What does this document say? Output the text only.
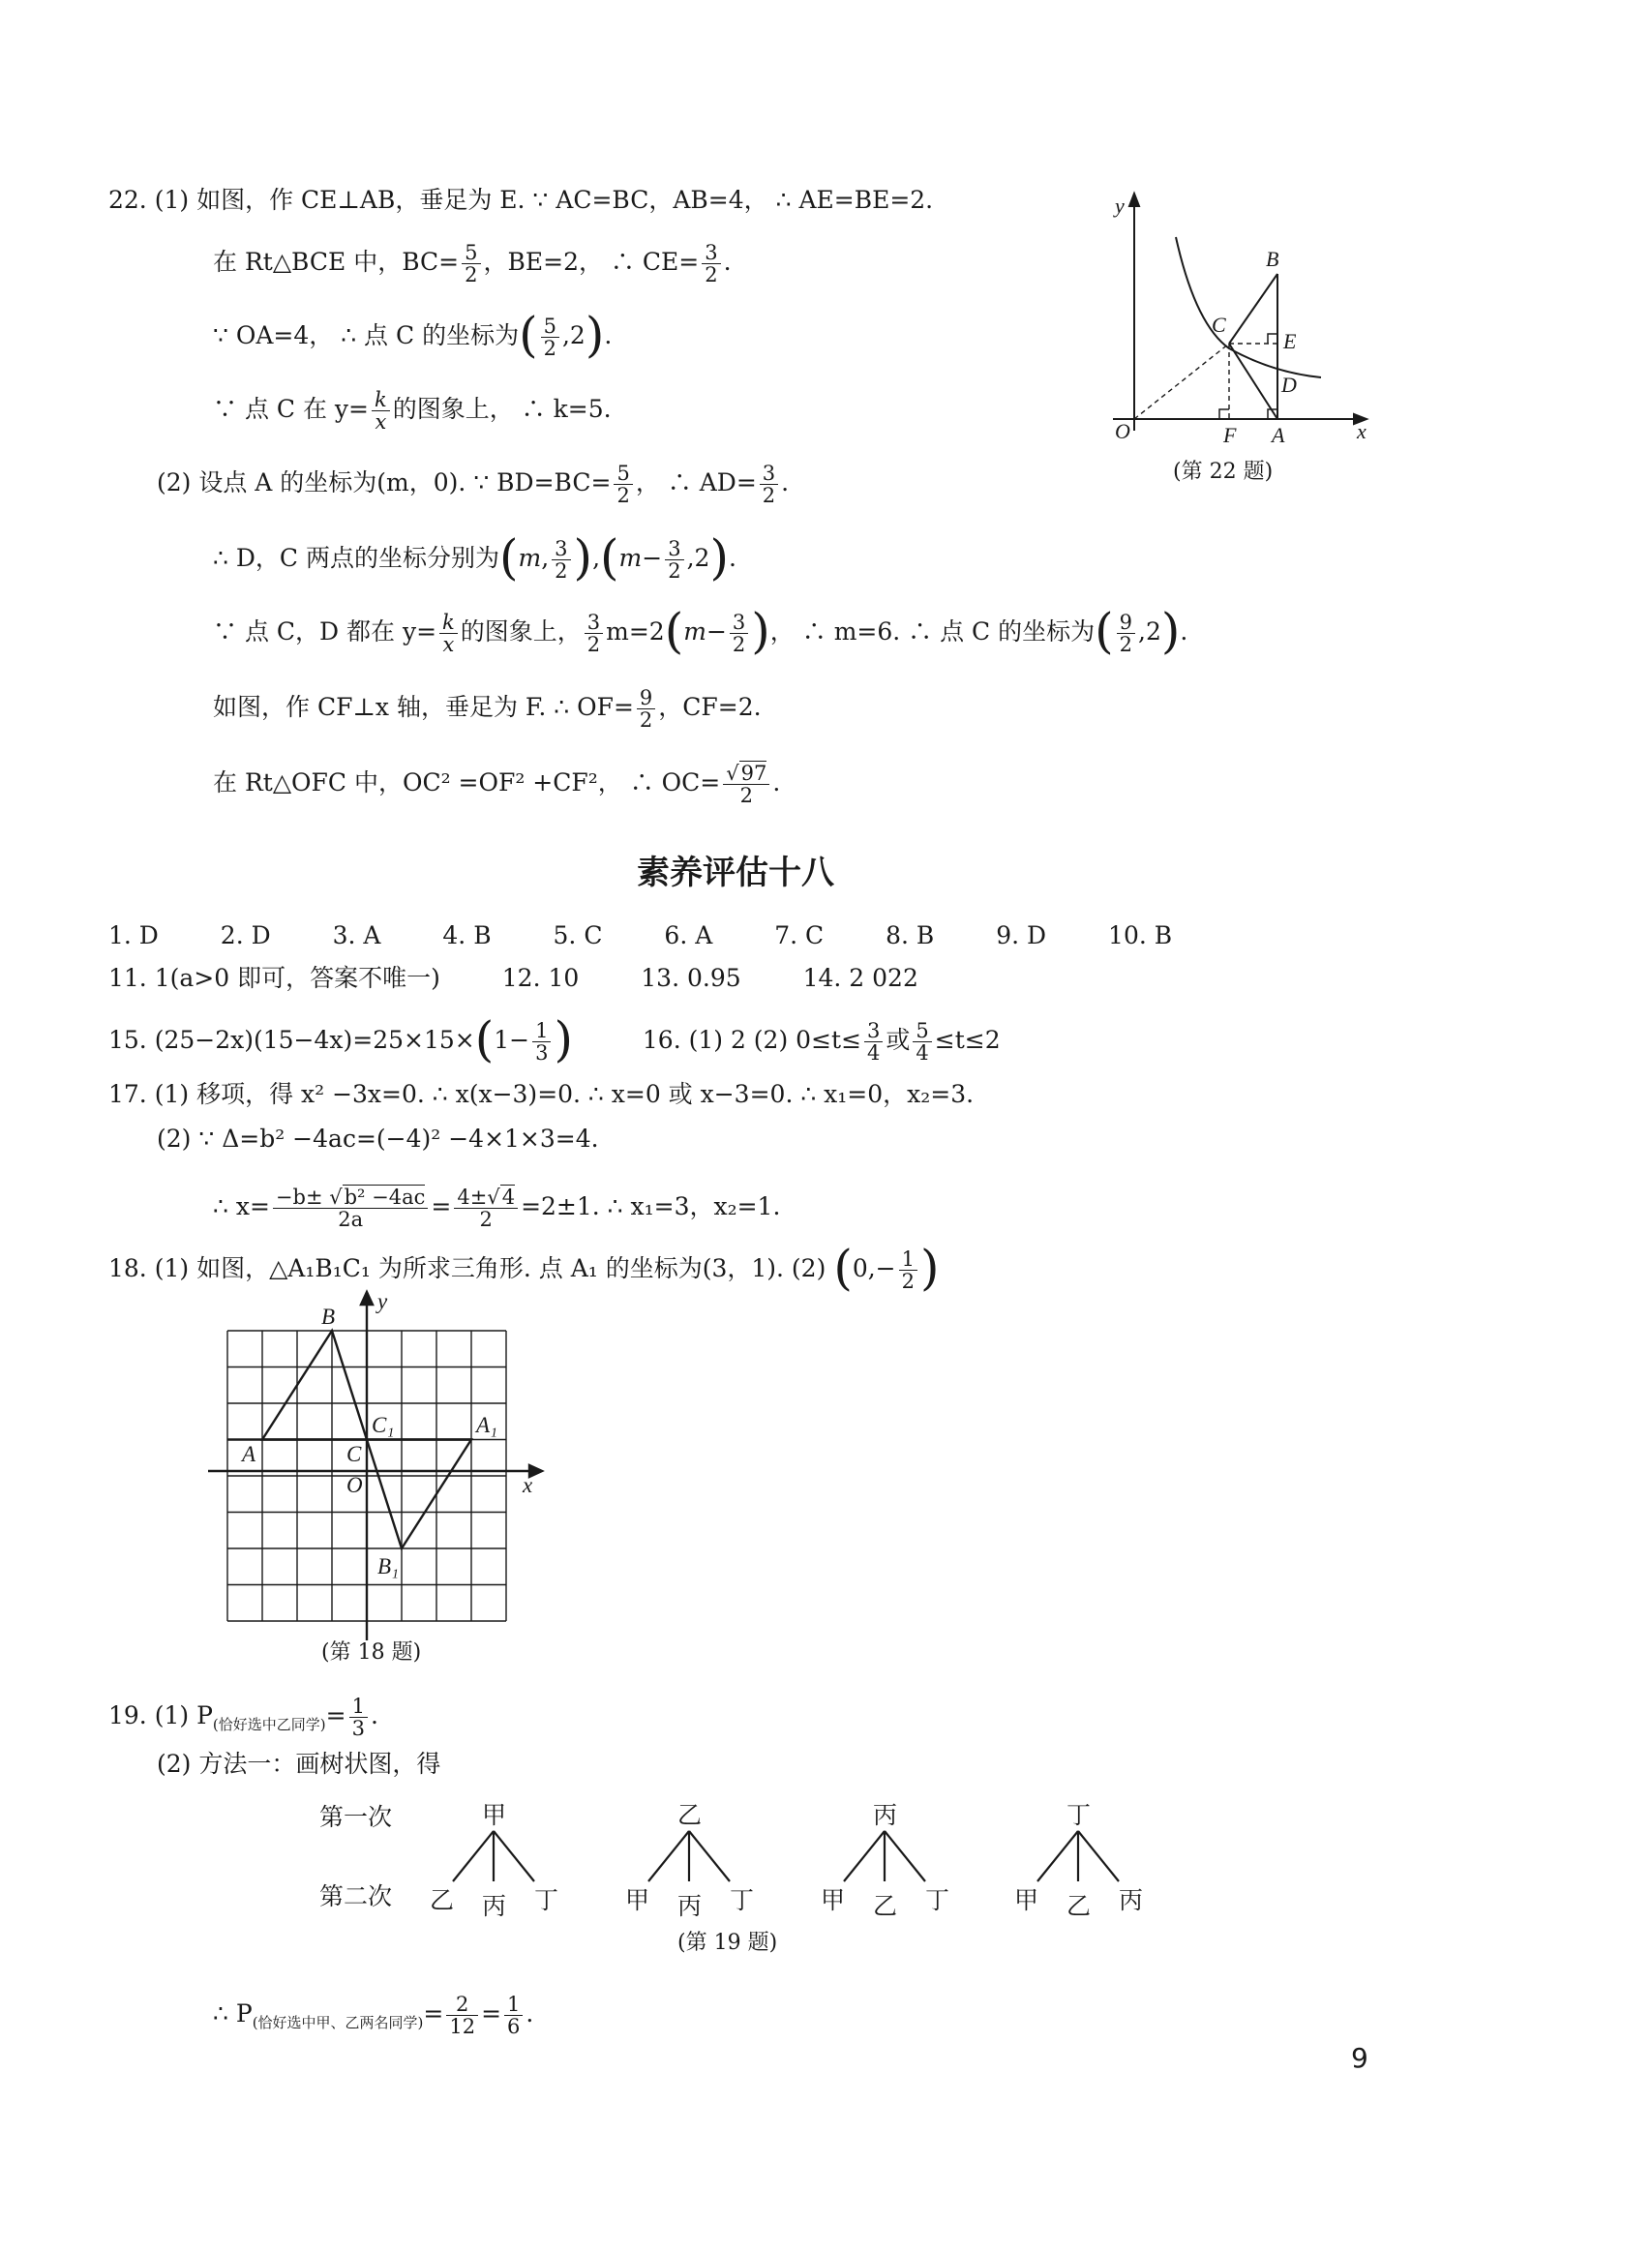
22. (1) 如图，作 CE⊥AB，垂足为 E. ∵ AC=BC，AB=4， ∴ AE=BE=2.
在 Rt△BCE 中，$BC= \frac{5}{2}$ ，BE=2， ∴ $CE= \frac{3}{2}$ .
∵ OA=4， ∴ 点 C 的坐标为( $\frac{5}{2} ,2$).
∵ 点 C 在 $y= \frac{k}{x}$ 的图象上， ∴ k=5.
(2) 设点 A 的坐标为(m，0). ∵ $BD=BC= \frac{5}{2}$ ， ∴ $AD= \frac{3}{2}$ .
∴ D，C 两点的坐标分别为(m, $\frac{3}{2} ),(m- \frac{3}{2} ,2)$.
∵ 点 C，D 都在 $y= \frac{k}{x}$ 的图象上， $\frac{3}{2} m=2(m- \frac{3}{2}$ )， ∴ m=6. ∴ 点 C 的坐标为( $\frac{9}{2} ,2$).
如图，作 CF⊥x 轴，垂足为 F. ∴ $OF= \frac{9}{2}$ ，CF=2.
在 Rt△OFC 中，OC² =OF² +CF²， ∴ $OC= \frac{√97}{2}$ .
y
x
O	F A
B
C
D
E
(第 22 题)
素养评估十八
1. D	2. D	3. A	4. B	5. C	6. A	7. C	8. B	9. D	10. B
11. 1(a>0 即可，答案不唯一)	12. 10	13. 0.95	14. 2 022
15. $(25-2x)(15-4x)=25\times 15\times(1- \frac{1}{3}$ )	16. (1) 2 (2) $0\le t\le \frac{3}{4}$ 或 $\frac{5}{4} \le t\le 2$
17. (1) 移项，得 x² −3x=0. ∴ x(x−3)=0. ∴ x=0 或 x−3=0. ∴ x₁=0，x₂=3.
(2) ∵ Δ=b² −4ac=(−4)² −4×1×3=4.
∴ $x= \frac{\text{−b± √b² −4ac}}{2a} = \frac{4\pm√4}{2} =2\pm 1$. ∴ x₁=3，x₂=1.
18. (1) 如图，△A₁B₁C₁ 为所求三角形. 点 A₁ 的坐标为(3，1). (2) ($0,- \frac{1}{2}$ )
B
y
C₁	A₁
A	C
O	x
B₁
(第 18 题)
19. (1) $P_{(恰好选中乙同学)}= \frac{1}{3}$ .
(2) 方法一：画树状图，得
第一次
第二次
甲	乙	丙	丁
乙 丙 丁	甲 丙 丁	甲 乙 丁	甲 乙 丙
(第 19 题)
∴ $P_{(恰好选中甲、乙两名同学)}= \frac{2}{12} = \frac{1}{6}$ .
9
